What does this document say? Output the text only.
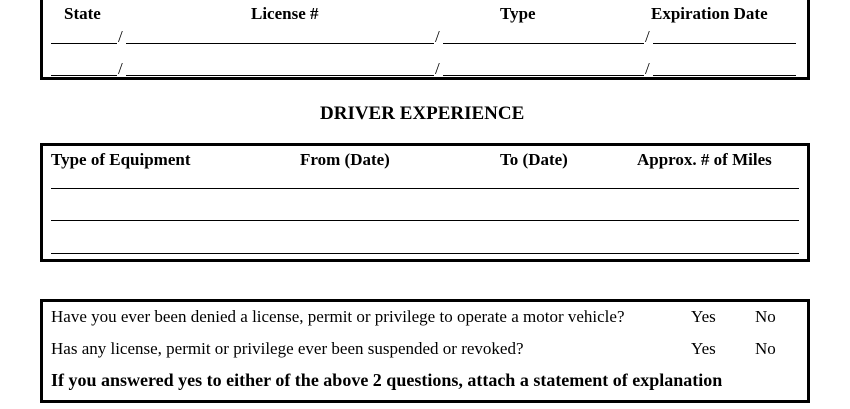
State	License #	Type	Expiration Date
/	/	/
/	/	/
DRIVER EXPERIENCE
Type of Equipment	From (Date)	To (Date)	Approx. # of Miles
Have you ever been denied a license, permit or privilege to operate a motor vehicle?	Yes No
Has any license, permit or privilege ever been suspended or revoked?	Yes No
If you answered yes to either of the above 2 questions, attach a statement of explanation
